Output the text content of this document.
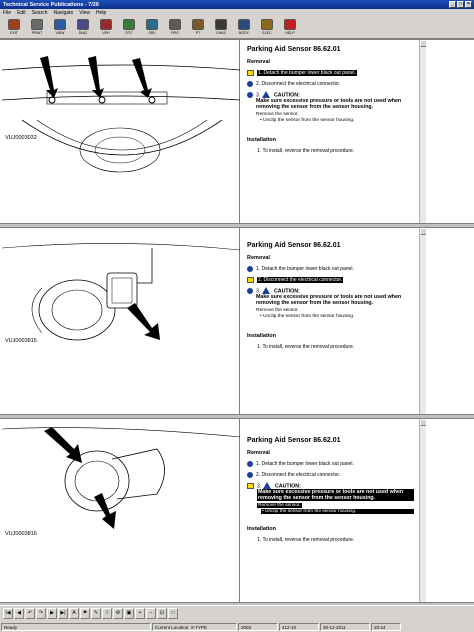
Technical Service Publications - 7/26	_	□	×
File Edit Search Navigate View Help
EXIT	PRINT	VIEW	DIAG	VEH	DTC	SRV	PRO	PT	CHAS	BODY	ELEC	HELP
VUJ0003032
Parking Aid Sensor 86.62.01
Removal
1. Detach the bumper lower black out panel.
2. Disconnect the electrical connector.
3.	CAUTION:
Make sure excessive pressure or tools are not used when removing the sensor from the sensor housing.
Remove the sensor.
• Unclip the sensor from the sensor housing.
Installation
1. To install, reverse the removal procedure.
VUJ0003815
Parking Aid Sensor 86.62.01
Removal
1. Detach the bumper lower black out panel.
2. Disconnect the electrical connector.
3.	CAUTION:
Make sure excessive pressure or tools are not used when removing the sensor from the sensor housing.
Remove the sensor.
• Unclip the sensor from the sensor housing.
Installation
1. To install, reverse the removal procedure.
VUJ0003816
Parking Aid Sensor 86.62.01
Removal
1. Detach the bumper lower black out panel.
2. Disconnect the electrical connector.
3.	CAUTION:
Make sure excessive pressure or tools are not used when removing the sensor from the sensor housing.
Remove the sensor.
• Unclip the sensor from the sensor housing.
Installation
1. To install, reverse the removal procedure.
|◀	◀	↶	↷	▶	▶|	A	⚑	✎	i	⚙	▣	+	−	⊡	□
Ready	Current Location: X-TYPE	2003	412-10	30-12-2011	20:44
